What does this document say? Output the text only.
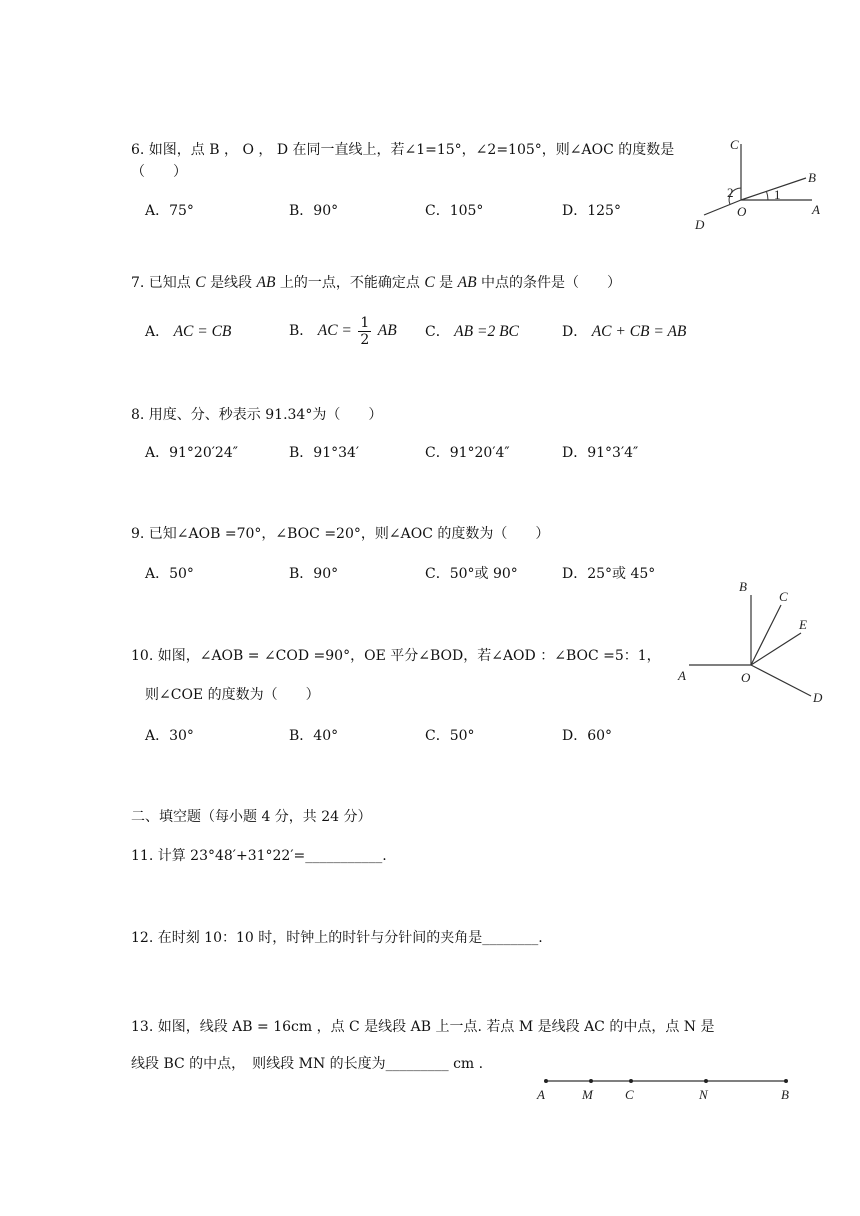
6. 如图，点 B ， O ， D 在同一直线上，若∠1=15°，∠2=105°，则∠AOC 的度数是
（　　）
A．75°	B．90°	C．105°	D．125°
C
B
A
O
D
1
2
7. 已知点 C 是线段 AB 上的一点，不能确定点 C 是 AB 中点的条件是（　　）
A． AC = CB	B． AC = $\frac{1}{2}$ AB C． AB =2 BC	D． AC + CB = AB
8. 用度、分、秒表示 91.34°为（　　）
A．91°20′24″	B．91°34′	C．91°20′4″	D．91°3′4″
9. 已知∠AOB =70°，∠BOC =20°，则∠AOC 的度数为（　　）
A．50°	B．90°	C．50°或 90°	D．25°或 45°
10. 如图，∠AOB = ∠COD =90°，OE 平分∠BOD，若∠AOD ：∠BOC =5：1，
则∠COE 的度数为（　　）
A．30°	B．40°	C．50°	D．60°
B
C
E
A	O
D
二、填空题（每小题 4 分，共 24 分）
11. 计算 23°48′+31°22′=___________.
12. 在时刻 10：10 时，时钟上的时针与分针间的夹角是________.
13. 如图，线段 AB = 16cm ，点 C 是线段 AB 上一点. 若点 M 是线段 AC 的中点，点 N 是
线段 BC 的中点，　则线段 MN 的长度为_________ cm .
A	M C	N	B
